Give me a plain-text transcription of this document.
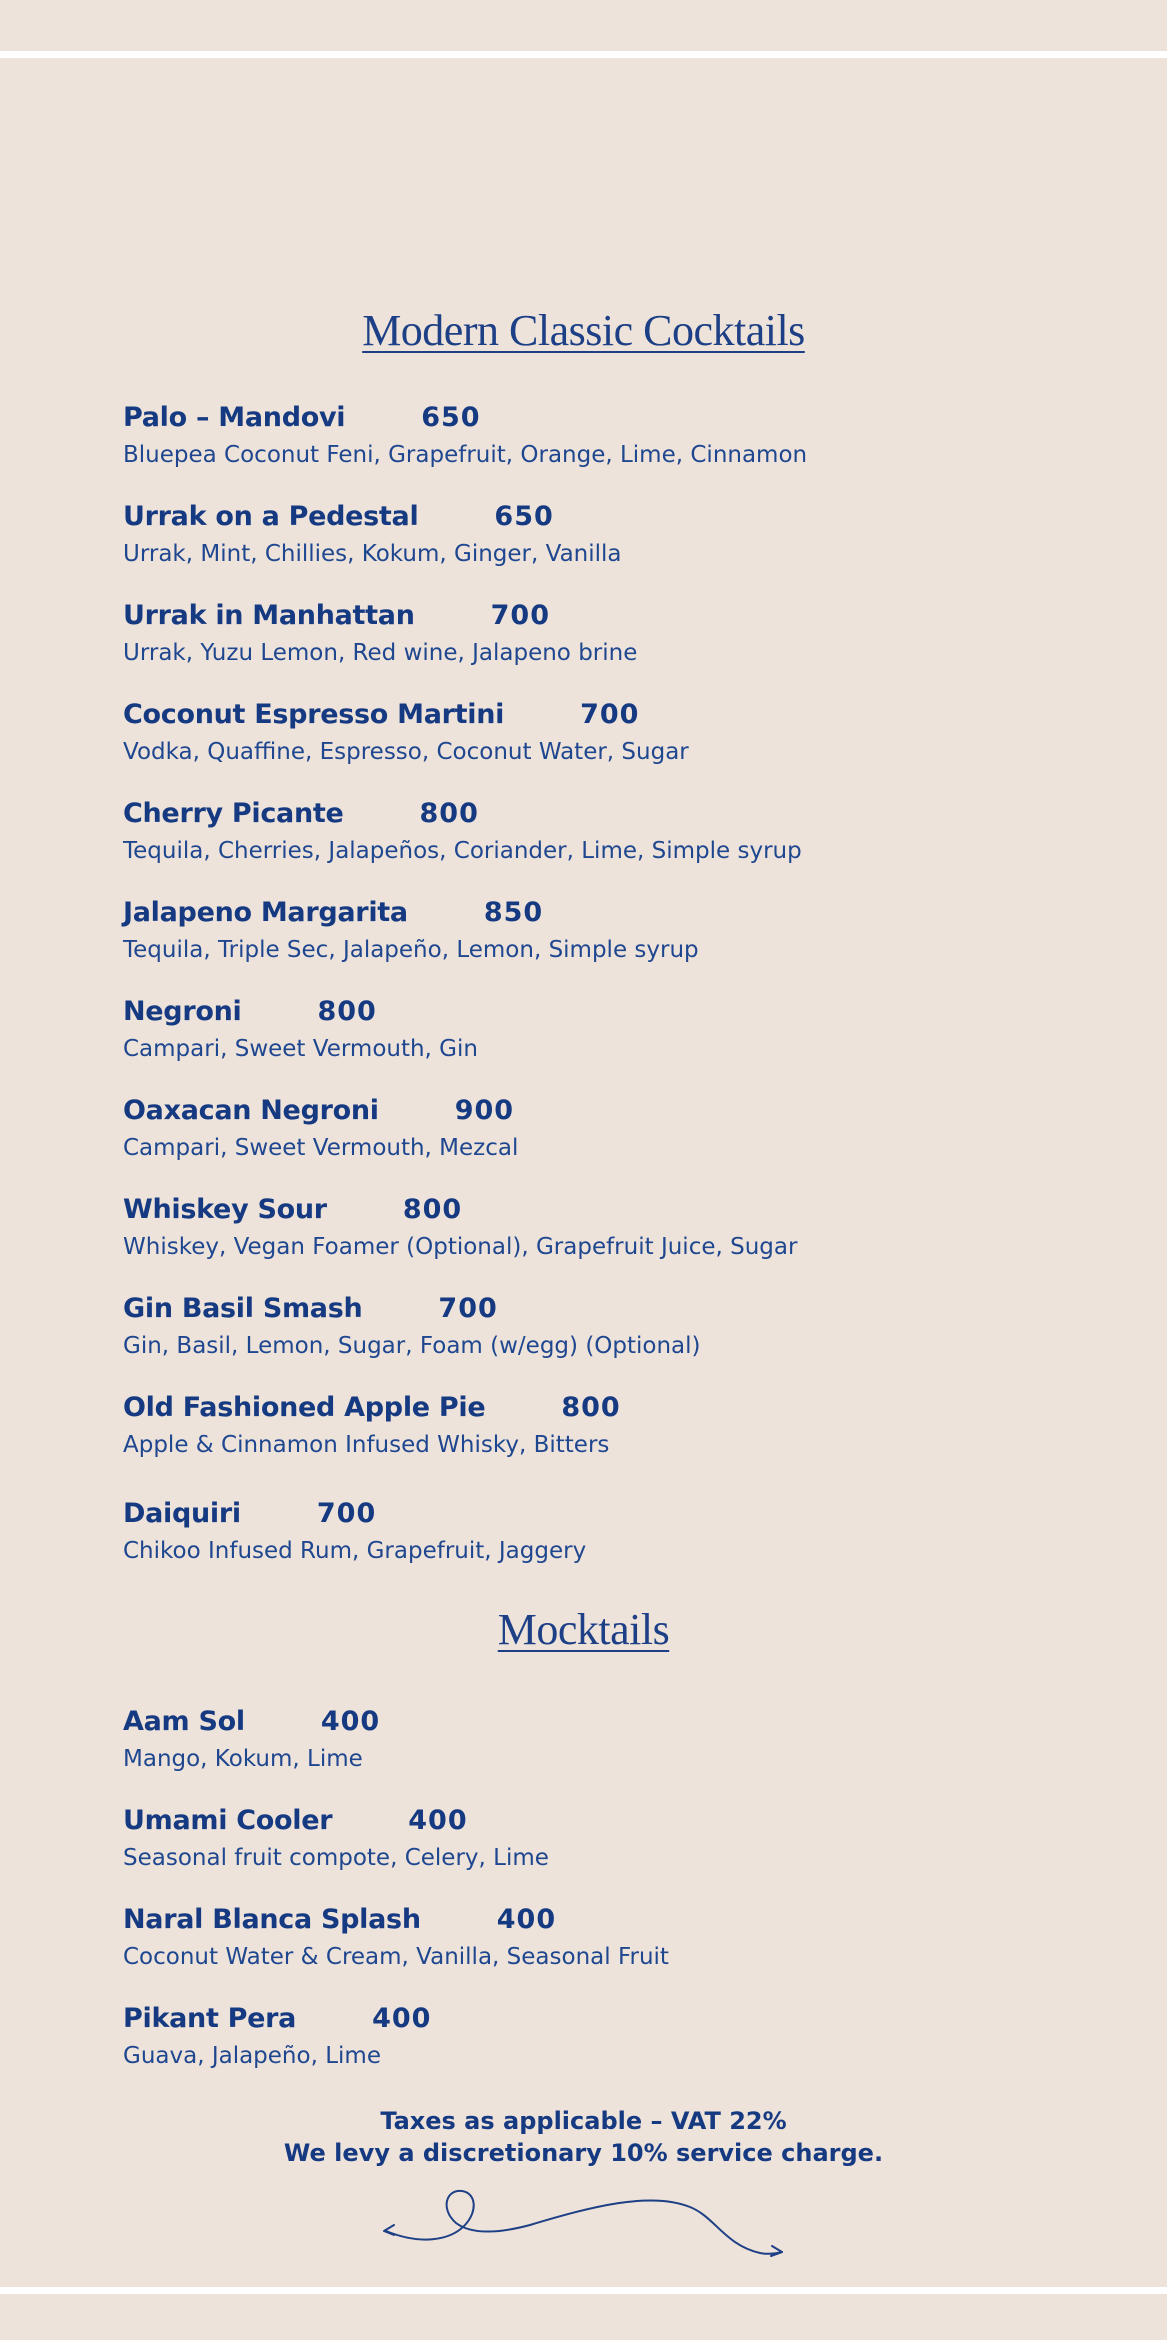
Modern Classic Cocktails
Palo – Mandovi	650
Bluepea Coconut Feni, Grapefruit, Orange, Lime, Cinnamon
Urrak on a Pedestal	650
Urrak, Mint, Chillies, Kokum, Ginger, Vanilla
Urrak in Manhattan	700
Urrak, Yuzu Lemon, Red wine, Jalapeno brine
Coconut Espresso Martini	700
Vodka, Quaffine, Espresso, Coconut Water, Sugar
Cherry Picante	800
Tequila, Cherries, Jalapeños, Coriander, Lime, Simple syrup
Jalapeno Margarita	850
Tequila, Triple Sec, Jalapeño, Lemon, Simple syrup
Negroni	800
Campari, Sweet Vermouth, Gin
Oaxacan Negroni	900
Campari, Sweet Vermouth, Mezcal
Whiskey Sour	800
Whiskey, Vegan Foamer (Optional), Grapefruit Juice, Sugar
Gin Basil Smash	700
Gin, Basil, Lemon, Sugar, Foam (w/egg) (Optional)
Old Fashioned Apple Pie	800
Apple & Cinnamon Infused Whisky, Bitters
Daiquiri	700
Chikoo Infused Rum, Grapefruit, Jaggery
Mocktails
Aam Sol	400
Mango, Kokum, Lime
Umami Cooler	400
Seasonal fruit compote, Celery, Lime
Naral Blanca Splash	400
Coconut Water & Cream, Vanilla, Seasonal Fruit
Pikant Pera	400
Guava, Jalapeño, Lime
Taxes as applicable – VAT 22%
We levy a discretionary 10% service charge.
